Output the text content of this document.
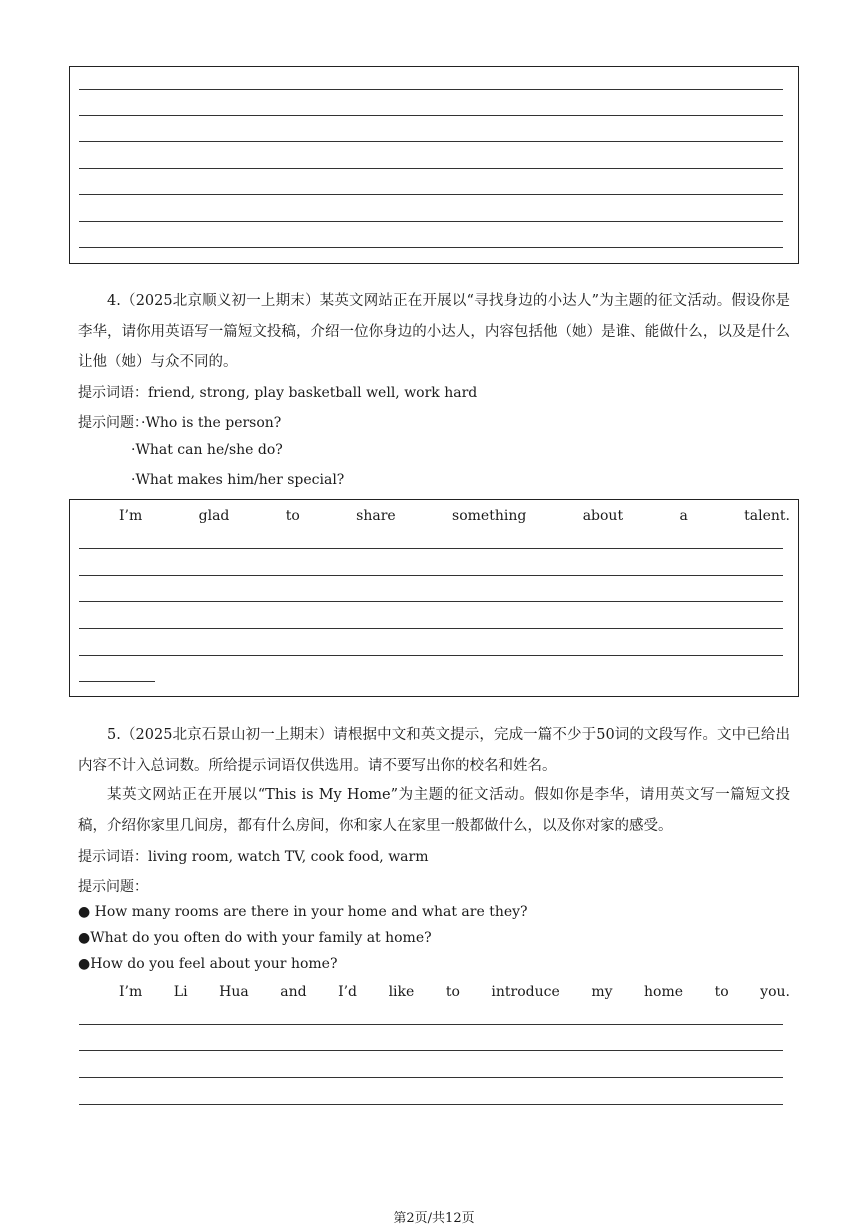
4.（2025北京顺义初一上期末）某英文网站正在开展以“寻找身边的小达人”为主题的征文活动。假设你是李华，请你用英语写一篇短文投稿，介绍一位你身边的小达人，内容包括他（她）是谁、能做什么，以及是什么让他（她）与众不同的。
提示词语：friend, strong, play basketball well, work hard
提示问题：·Who is the person?
·What can he/she do?
·What makes him/her special?
I’m	glad	to	share	something	about	a	talent.
5.（2025北京石景山初一上期末）请根据中文和英文提示，完成一篇不少于50词的文段写作。文中已给出内容不计入总词数。所给提示词语仅供选用。请不要写出你的校名和姓名。
某英文网站正在开展以“This is My Home”为主题的征文活动。假如你是李华，请用英文写一篇短文投稿，介绍你家里几间房，都有什么房间，你和家人在家里一般都做什么，以及你对家的感受。
提示词语：living room, watch TV, cook food, warm
提示问题：
● How many rooms are there in your home and what are they?
●What do you often do with your family at home?
●How do you feel about your home?
I’m Li Hua and I’d like to introduce my home to you.
第2页/共12页
